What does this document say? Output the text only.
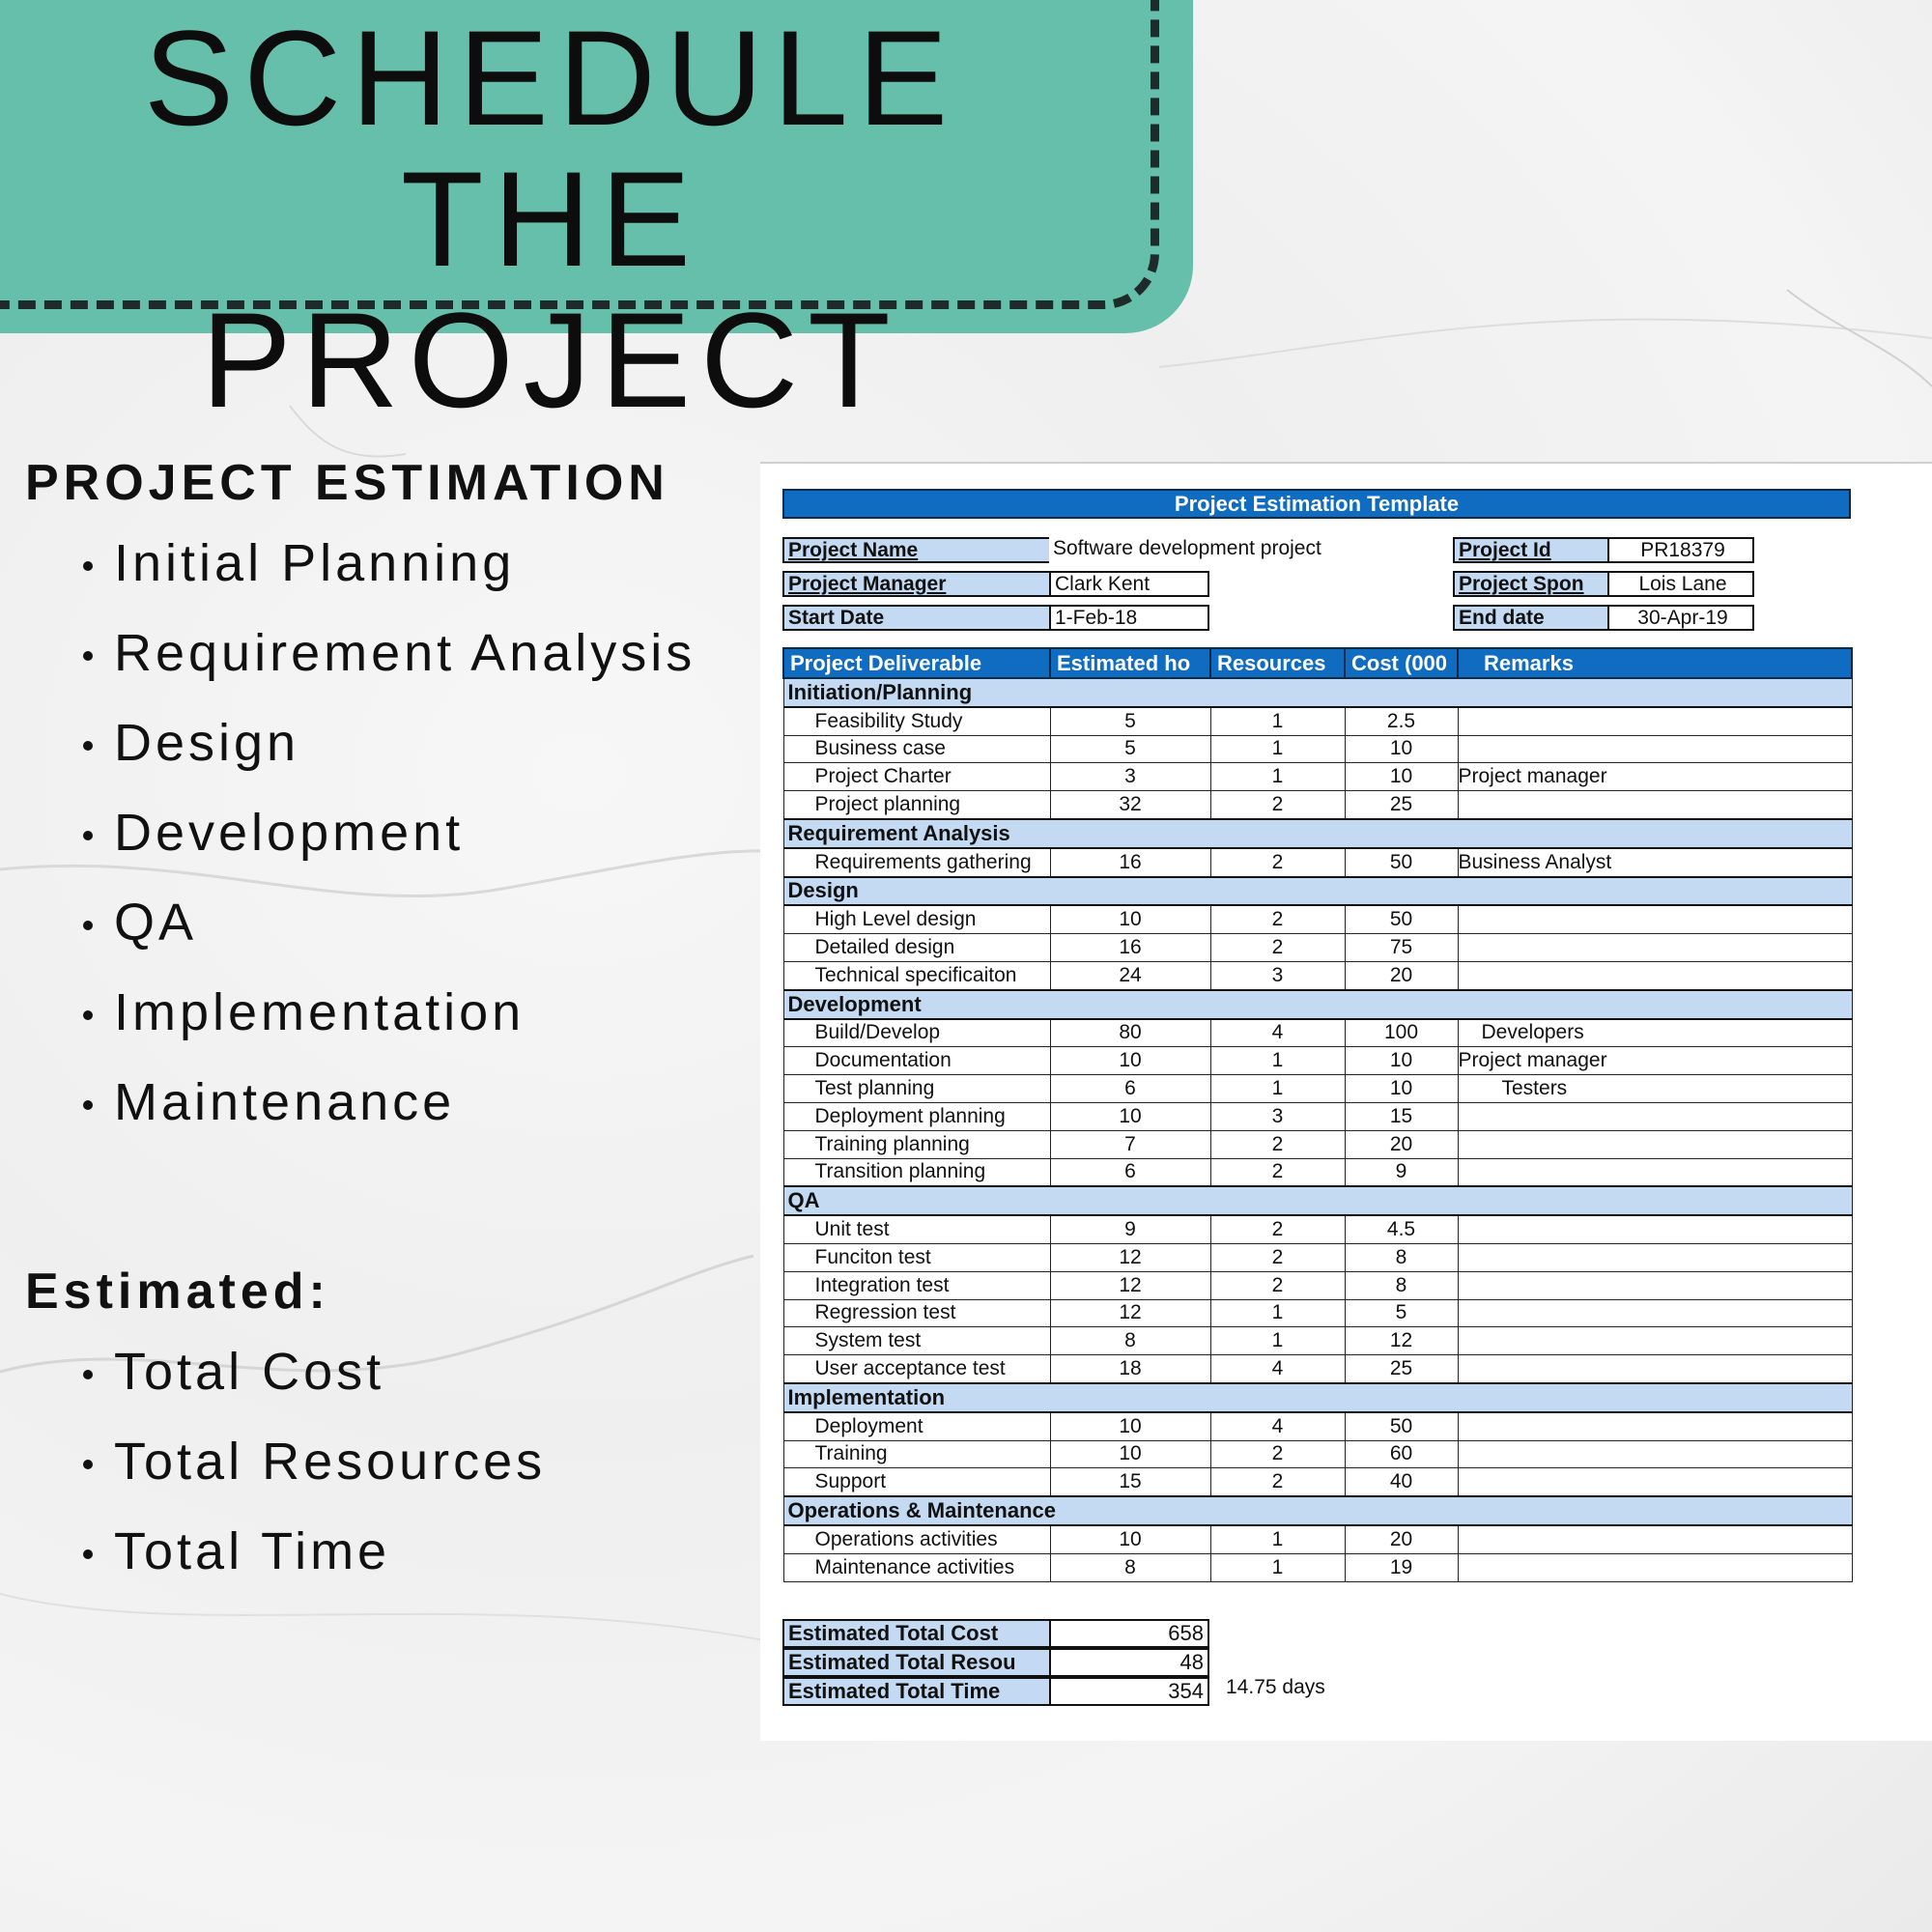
SCHEDULE
THE PROJECT
PROJECT ESTIMATION
Initial Planning
Requirement Analysis
Design
Development
QA
Implementation
Maintenance
Estimated:
Total Cost
Total Resources
Total Time
Project Estimation Template
Project Name	Software development project	Project Id	PR18379
Project Manager	Clark Kent	Project Spon	Lois Lane
Start Date	1-Feb-18	End date	30-Apr-19
Project Deliverable	Estimated ho	Resources	Cost (000	Remarks
Initiation/Planning				
Feasibility Study	5	1	2.5	

Business case	5	1	10	

Project Charter	3	1	10	Project manager

Project planning	32	2	25	

Requirement Analysis				
Requirements gathering	16	2	50	Business Analyst

Design				
High Level design	10	2	50	

Detailed design	16	2	75	

Technical specificaiton	24	3	20	

Development				
Build/Develop	80	4	100	Developers

Documentation	10	1	10	Project manager

Test planning	6	1	10	Testers

Deployment planning	10	3	15	

Training planning	7	2	20	

Transition planning	6	2	9	

QA				
Unit test	9	2	4.5	

Funciton test	12	2	8	

Integration test	12	2	8	

Regression test	12	1	5	

System test	8	1	12	

User acceptance test	18	4	25	

Implementation				
Deployment	10	4	50	

Training	10	2	60	

Support	15	2	40	

Operations & Maintenance				
Operations activities	10	1	20	

Maintenance activities	8	1	19	
Estimated Total Cost	658
Estimated Total Resou	48
Estimated Total Time	354 14.75 days
